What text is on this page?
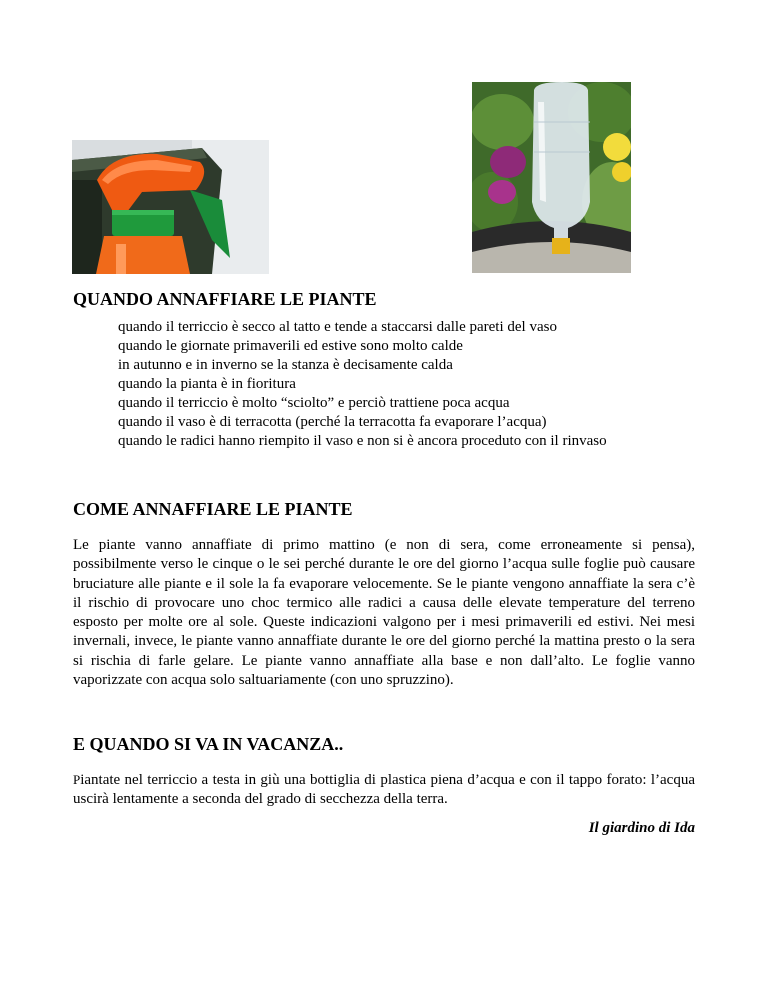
QUANDO ANNAFFIARE LE PIANTE
quando il terriccio è secco al tatto e tende a staccarsi dalle pareti del vaso
quando le giornate primaverili ed estive sono molto calde
in autunno e in inverno se la stanza è decisamente calda
quando la pianta è in fioritura
quando il terriccio è molto “sciolto” e perciò trattiene poca acqua
quando il vaso è di terracotta (perché la terracotta fa evaporare l’acqua)
quando le radici hanno riempito il vaso e non si è ancora proceduto con il rinvaso
COME ANNAFFIARE LE PIANTE

Le piante vanno annaffiate di primo mattino (e non di sera, come erroneamente si pensa), possibilmente verso le cinque o le sei perché durante le ore del giorno l’acqua sulle foglie può causare bruciature alle piante e il sole la fa evaporare velocemente. Se le piante vengono annaffiate la sera c’è il rischio di provocare uno choc termico alle radici a causa delle elevate temperature del terreno esposto per molte ore al sole. Queste indicazioni valgono per i mesi primaverili ed estivi. Nei mesi invernali, invece, le piante vanno annaffiate durante le ore del giorno perché la mattina presto o la sera si rischia di farle gelare. Le piante vanno annaffiate alla base e non dall’alto. Le foglie vanno vaporizzate con acqua solo saltuariamente (con uno spruzzino).

E QUANDO SI VA IN VACANZA..

Piantate nel terriccio a testa in giù una bottiglia di plastica piena d’acqua e con il tappo forato: l’acqua uscirà lentamente a seconda del grado di secchezza della terra.

Il giardino di Ida
